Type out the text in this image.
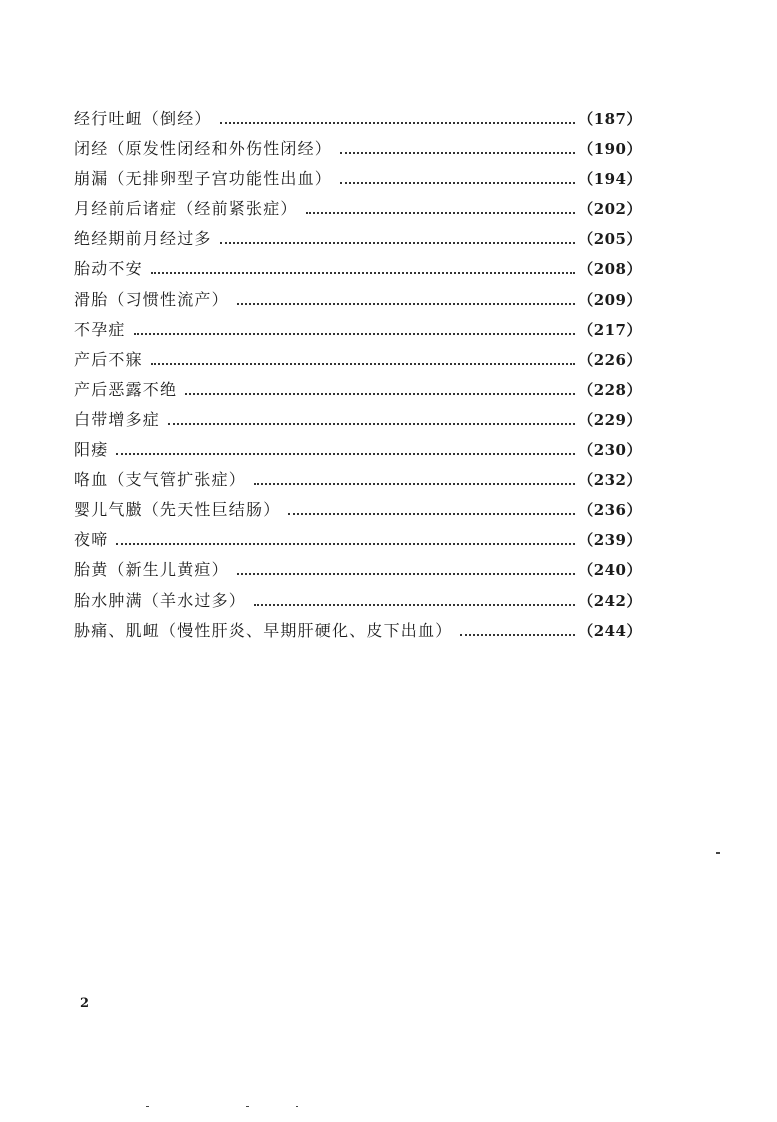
经行吐衄（倒经）	（187）
闭经（原发性闭经和外伤性闭经）	（190）
崩漏（无排卵型子宫功能性出血）	（194）
月经前后诸症（经前紧张症）	（202）
绝经期前月经过多	（205）
胎动不安	（208）
滑胎（习惯性流产）	（209）
不孕症	（217）
产后不寐	（226）
产后恶露不绝	（228）
白带增多症	（229）
阳痿	（230）
咯血（支气管扩张症）	（232）
婴儿气臌（先天性巨结肠）	（236）
夜啼	（239）
胎黄（新生儿黄疸）	（240）
胎水肿满（羊水过多）	（242）
胁痛、肌衄（慢性肝炎、早期肝硬化、皮下出血）	（244）
2
